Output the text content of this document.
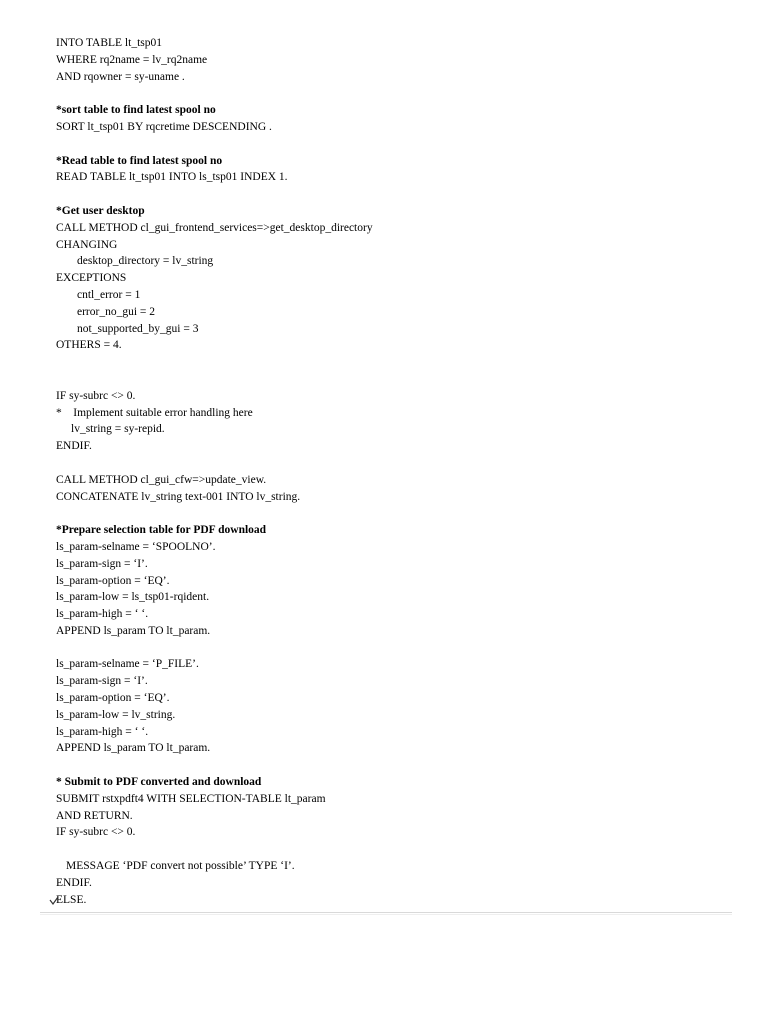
INTO TABLE lt_tsp01
WHERE rq2name = lv_rq2name
AND rqowner = sy-uname .
*sort table to find latest spool no
SORT lt_tsp01 BY rqcretime DESCENDING .
*Read table to find latest spool no
READ TABLE lt_tsp01 INTO ls_tsp01 INDEX 1.
*Get user desktop
CALL METHOD cl_gui_frontend_services=>get_desktop_directory
CHANGING
desktop_directory = lv_string
EXCEPTIONS
cntl_error = 1
error_no_gui = 2
not_supported_by_gui = 3
OTHERS = 4.
IF sy-subrc <> 0.
*    Implement suitable error handling here
lv_string = sy-repid.
ENDIF.
CALL METHOD cl_gui_cfw=>update_view.
CONCATENATE lv_string text-001 INTO lv_string.
*Prepare selection table for PDF download
ls_param-selname = ‘SPOOLNO’.
ls_param-sign = ‘I’.
ls_param-option = ‘EQ’.
ls_param-low = ls_tsp01-rqident.
ls_param-high = ‘ ‘.
APPEND ls_param TO lt_param.
ls_param-selname = ‘P_FILE’.
ls_param-sign = ‘I’.
ls_param-option = ‘EQ’.
ls_param-low = lv_string.
ls_param-high = ‘ ‘.
APPEND ls_param TO lt_param.
* Submit to PDF converted and download
SUBMIT rstxpdft4 WITH SELECTION-TABLE lt_param
AND RETURN.
IF sy-subrc <> 0.
MESSAGE ‘PDF convert not possible’ TYPE ‘I’.
ENDIF.
ELSE.
